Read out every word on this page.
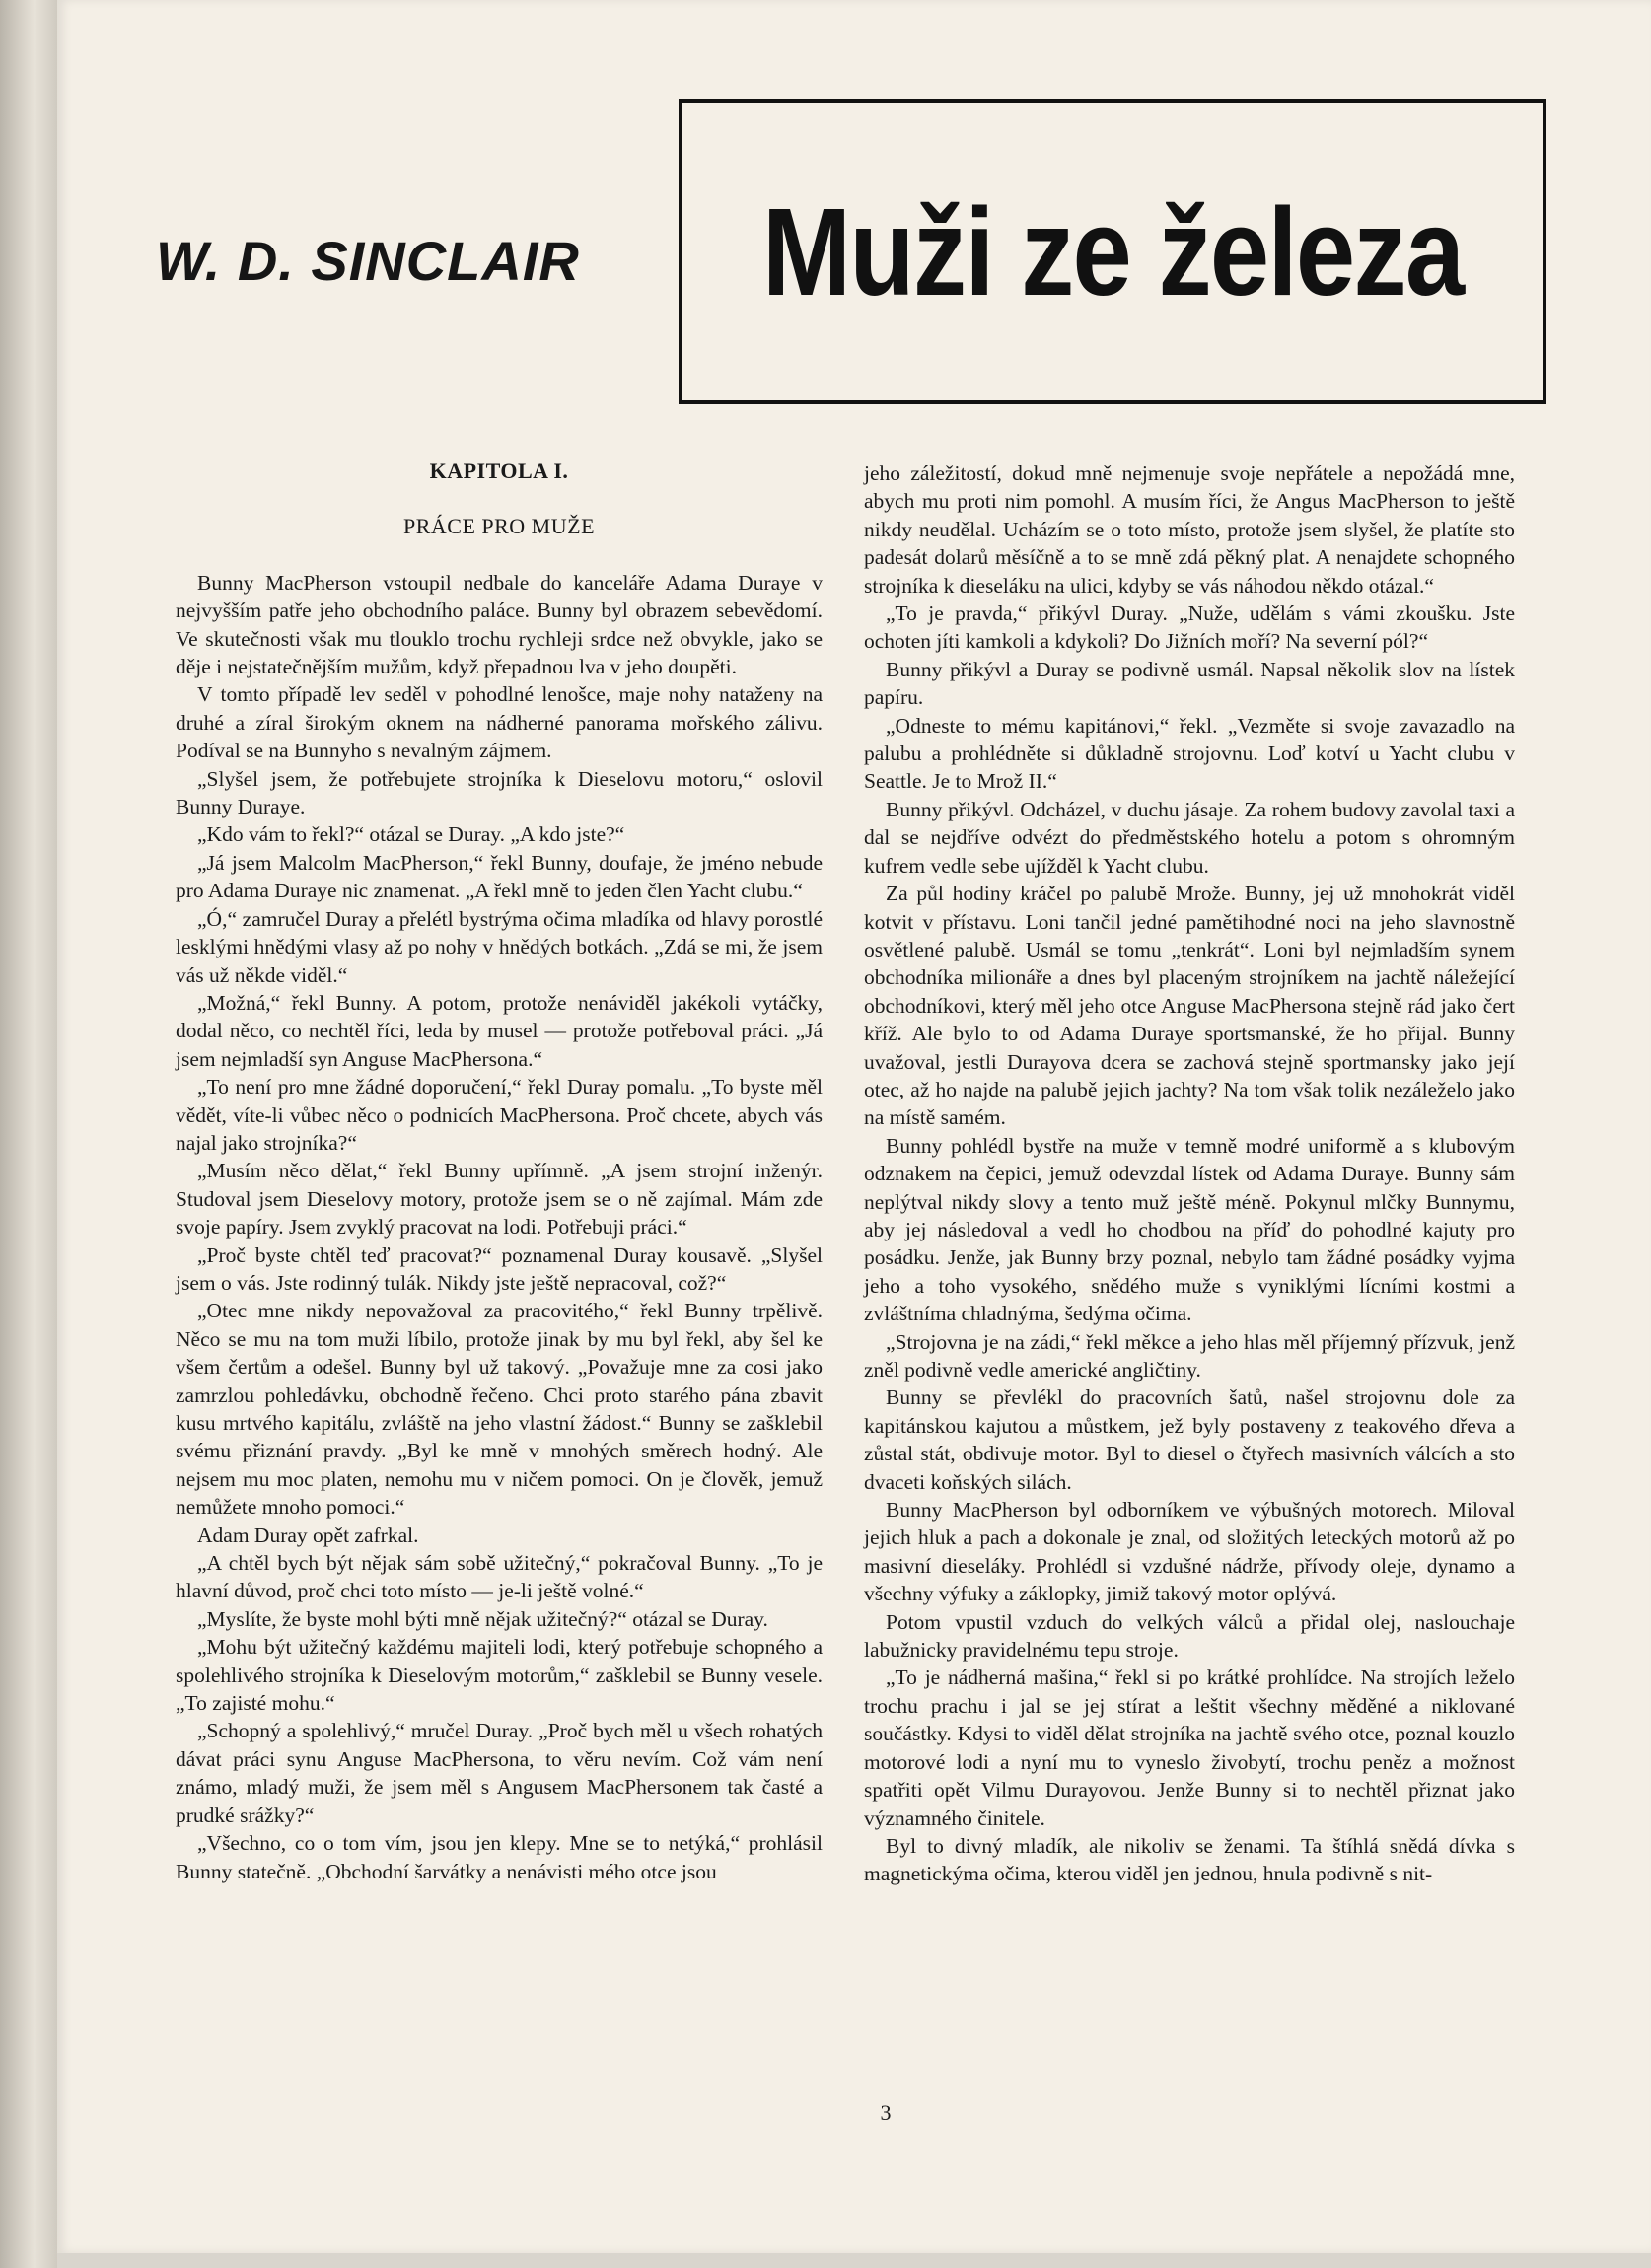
W. D. SINCLAIR	Muži ze železa
KAPITOLA I.
PRÁCE PRO MUŽE

Bunny MacPherson vstoupil nedbale do kanceláře Adama Duraye v nejvyšším patře jeho obchodního paláce. Bunny byl obrazem sebevědomí. Ve skutečnosti však mu tlouklo trochu rychleji srdce než obvykle, jako se děje i nejstatečnějším mužům, když přepadnou lva v jeho doupěti.

V tomto případě lev seděl v pohodlné lenošce, maje nohy nataženy na druhé a zíral širokým oknem na nádherné panorama mořského zálivu. Podíval se na Bunnyho s nevalným zájmem.

„Slyšel jsem, že potřebujete strojníka k Dieselovu motoru,“ oslovil Bunny Duraye.

„Kdo vám to řekl?“ otázal se Duray. „A kdo jste?“

„Já jsem Malcolm MacPherson,“ řekl Bunny, doufaje, že jméno nebude pro Adama Duraye nic znamenat. „A řekl mně to jeden člen Yacht clubu.“

„Ó,“ zamručel Duray a přelétl bystrýma očima mladíka od hlavy porostlé lesklými hnědými vlasy až po nohy v hnědých botkách. „Zdá se mi, že jsem vás už někde viděl.“

„Možná,“ řekl Bunny. A potom, protože nenáviděl jakékoli vytáčky, dodal něco, co nechtěl říci, leda by musel — protože potřeboval práci. „Já jsem nejmladší syn Anguse MacPhersona.“

„To není pro mne žádné doporučení,“ řekl Duray pomalu. „To byste měl vědět, víte-li vůbec něco o podnicích MacPhersona. Proč chcete, abych vás najal jako strojníka?“

„Musím něco dělat,“ řekl Bunny upřímně. „A jsem strojní inženýr. Studoval jsem Dieselovy motory, protože jsem se o ně zajímal. Mám zde svoje papíry. Jsem zvyklý pracovat na lodi. Potřebuji práci.“

„Proč byste chtěl teď pracovat?“ poznamenal Duray kousavě. „Slyšel jsem o vás. Jste rodinný tulák. Nikdy jste ještě nepracoval, což?“

„Otec mne nikdy nepovažoval za pracovitého,“ řekl Bunny trpělivě. Něco se mu na tom muži líbilo, protože jinak by mu byl řekl, aby šel ke všem čertům a odešel. Bunny byl už takový. „Považuje mne za cosi jako zamrzlou pohledávku, obchodně řečeno. Chci proto starého pána zbavit kusu mrtvého kapitálu, zvláště na jeho vlastní žádost.“ Bunny se zašklebil svému přiznání pravdy. „Byl ke mně v mnohých směrech hodný. Ale nejsem mu moc platen, nemohu mu v ničem pomoci. On je člověk, jemuž nemůžete mnoho pomoci.“

Adam Duray opět zafrkal.

„A chtěl bych být nějak sám sobě užitečný,“ pokračoval Bunny. „To je hlavní důvod, proč chci toto místo — je-li ještě volné.“

„Myslíte, že byste mohl býti mně nějak užitečný?“ otázal se Duray.

„Mohu být užitečný každému majiteli lodi, který potřebuje schopného a spolehlivého strojníka k Dieselovým motorům,“ zašklebil se Bunny vesele. „To zajisté mohu.“

„Schopný a spolehlivý,“ mručel Duray. „Proč bych měl u všech rohatých dávat práci synu Anguse MacPhersona, to věru nevím. Což vám není známo, mladý muži, že jsem měl s Angusem MacPhersonem tak časté a prudké srážky?“

„Všechno, co o tom vím, jsou jen klepy. Mne se to netýká,“ prohlásil Bunny statečně. „Obchodní šarvátky a nenávisti mého otce jsou

jeho záležitostí, dokud mně nejmenuje svoje nepřátele a nepožádá mne, abych mu proti nim pomohl. A musím říci, že Angus MacPherson to ještě nikdy neudělal. Ucházím se o toto místo, protože jsem slyšel, že platíte sto padesát dolarů měsíčně a to se mně zdá pěkný plat. A nenajdete schopného strojníka k dieseláku na ulici, kdyby se vás náhodou někdo otázal.“

„To je pravda,“ přikývl Duray. „Nuže, udělám s vámi zkoušku. Jste ochoten jíti kamkoli a kdykoli? Do Jižních moří? Na severní pól?“

Bunny přikývl a Duray se podivně usmál. Napsal několik slov na lístek papíru.

„Odneste to mému kapitánovi,“ řekl. „Vezměte si svoje zavazadlo na palubu a prohlédněte si důkladně strojovnu. Loď kotví u Yacht clubu v Seattle. Je to Mrož II.“

Bunny přikývl. Odcházel, v duchu jásaje. Za rohem budovy zavolal taxi a dal se nejdříve odvézt do předměstského hotelu a potom s ohromným kufrem vedle sebe ujížděl k Yacht clubu.

Za půl hodiny kráčel po palubě Mrože. Bunny, jej už mnohokrát viděl kotvit v přístavu. Loni tančil jedné pamětihodné noci na jeho slavnostně osvětlené palubě. Usmál se tomu „tenkrát“. Loni byl nejmladším synem obchodníka milionáře a dnes byl placeným strojníkem na jachtě náležející obchodníkovi, který měl jeho otce Anguse MacPhersona stejně rád jako čert kříž. Ale bylo to od Adama Duraye sportsmanské, že ho přijal. Bunny uvažoval, jestli Durayova dcera se zachová stejně sportmansky jako její otec, až ho najde na palubě jejich jachty? Na tom však tolik nezáleželo jako na místě samém.

Bunny pohlédl bystře na muže v temně modré uniformě a s klubovým odznakem na čepici, jemuž odevzdal lístek od Adama Duraye. Bunny sám neplýtval nikdy slovy a tento muž ještě méně. Pokynul mlčky Bunnymu, aby jej následoval a vedl ho chodbou na příď do pohodlné kajuty pro posádku. Jenže, jak Bunny brzy poznal, nebylo tam žádné posádky vyjma jeho a toho vysokého, snědého muže s vyniklými lícními kostmi a zvláštníma chladnýma, šedýma očima.

„Strojovna je na zádi,“ řekl měkce a jeho hlas měl příjemný přízvuk, jenž zněl podivně vedle americké angličtiny.

Bunny se převlékl do pracovních šatů, našel strojovnu dole za kapitánskou kajutou a můstkem, jež byly postaveny z teakového dřeva a zůstal stát, obdivuje motor. Byl to diesel o čtyřech masivních válcích a sto dvaceti koňských silách.

Bunny MacPherson byl odborníkem ve výbušných motorech. Miloval jejich hluk a pach a dokonale je znal, od složitých leteckých motorů až po masivní dieseláky. Prohlédl si vzdušné nádrže, přívody oleje, dynamo a všechny výfuky a záklopky, jimiž takový motor oplývá.

Potom vpustil vzduch do velkých válců a přidal olej, naslouchaje labužnicky pravidelnému tepu stroje.

„To je nádherná mašina,“ řekl si po krátké prohlídce. Na strojích leželo trochu prachu i jal se jej stírat a leštit všechny měděné a niklované součástky. Kdysi to viděl dělat strojníka na jachtě svého otce, poznal kouzlo motorové lodi a nyní mu to vyneslo živobytí, trochu peněz a možnost spatřiti opět Vilmu Durayovou. Jenže Bunny si to nechtěl přiznat jako významného činitele.

Byl to divný mladík, ale nikoliv se ženami. Ta štíhlá snědá dívka s magnetickýma očima, kterou viděl jen jednou, hnula podivně s nit-

3
